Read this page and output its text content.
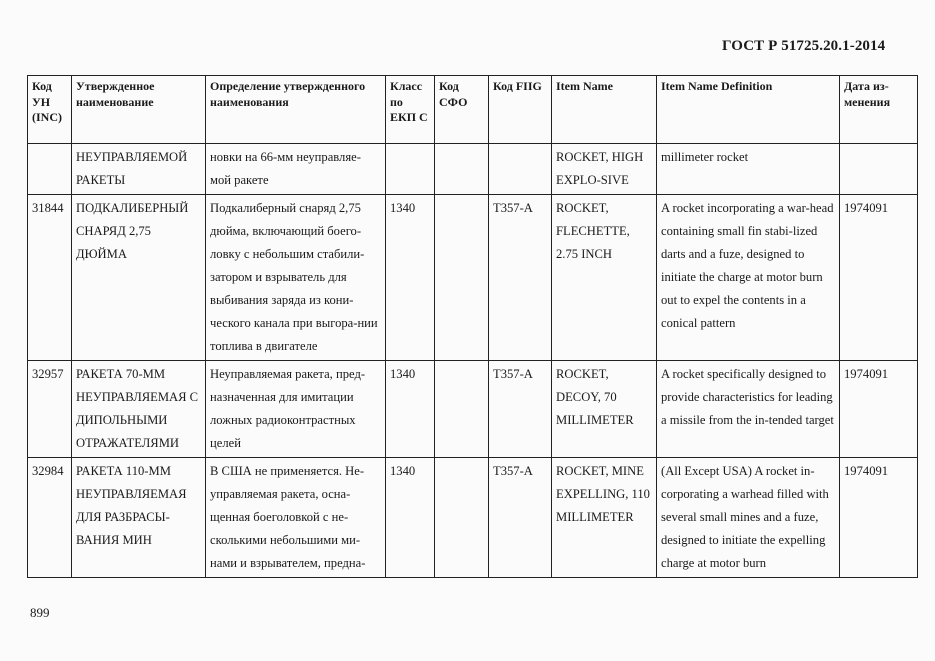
ГОСТ Р 51725.20.1-2014
Код УН (INC)	Утвержденное наименование	Определение утвержденного наименования	Класс по ЕКП С	Код СФО	Код FIIG	Item Name	Item Name Definition	Дата из-менения
	НЕУПРАВЛЯЕМОЙ РАКЕТЫ	новки на 66-мм неуправляе-мой ракете				ROCKET, HIGH EXPLO-SIVE	millimeter rocket	
31844	ПОДКАЛИБЕРНЫЙ СНАРЯД 2,75 ДЮЙМА	Подкалиберный снаряд 2,75 дюйма, включающий боего-ловку с небольшим стабили-затором и взрыватель для выбивания заряда из кони-ческого канала при выгора-нии топлива в двигателе	1340		T357-A	ROCKET, FLECHETTE, 2.75 INCH	A rocket incorporating a war-head containing small fin stabi-lized darts and a fuze, designed to initiate the charge at motor burn out to expel the contents in a conical pattern	1974091
32957	РАКЕТА 70-ММ НЕУПРАВЛЯЕМАЯ С ДИПОЛЬНЫМИ ОТРАЖАТЕЛЯМИ	Неуправляемая ракета, пред-назначенная для имитации ложных радиоконтрастных целей	1340		T357-A	ROCKET, DECOY, 70 MILLIMETER	A rocket specifically designed to provide characteristics for leading a missile from the in-tended target	1974091
32984	РАКЕТА 110-ММ НЕУПРАВЛЯЕМАЯ ДЛЯ РАЗБРАСЫ-ВАНИЯ МИН	В США не применяется. Не-управляемая ракета, осна-щенная боеголовкой с не-сколькими небольшими ми-нами и взрывателем, предна-	1340		T357-A	ROCKET, MINE EXPELLING, 110 MILLIMETER	(All Except USA) A rocket in-corporating a warhead filled with several small mines and a fuze, designed to initiate the expelling charge at motor burn	1974091
899
